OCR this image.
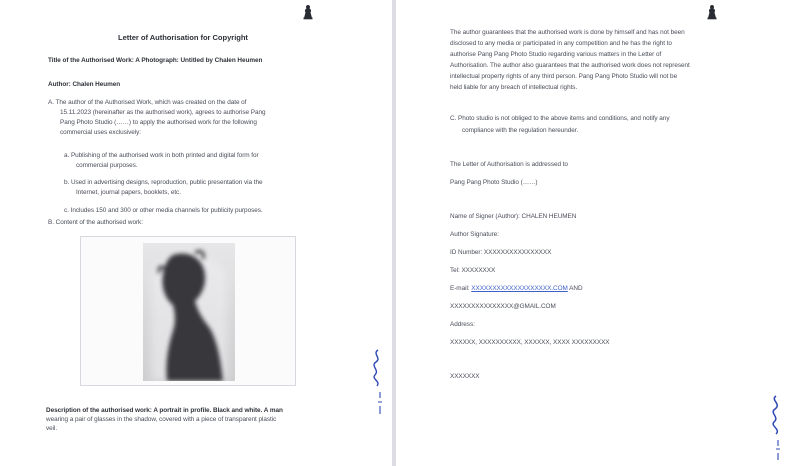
Letter of Authorisation for Copyright
Title of the Authorised Work: A Photograph: Untitled by Chalen Heumen
Author: Chalen Heumen
A. The author of the Authorised Work, which was created on the date of
15.11.2023 (hereinafter as the authorised work), agrees to authorise Pang
Pang Photo Studio (……) to apply the authorised work for the following
commercial uses exclusively:
a. Publishing of the authorised work in both printed and digital form for
commercial purposes.
b. Used in advertising designs, reproduction, public presentation via the
Internet, journal papers, booklets, etc.
c. Includes 150 and 300 or other media channels for publicity purposes.
B. Content of the authorised work:
Description of the authorised work: A portrait in profile. Black and white. A man
wearing a pair of glasses in the shadow, covered with a piece of transparent plastic
veil.
The author guarantees that the authorised work is done by himself and has not been
disclosed to any media or participated in any competition and he has the right to
authorise Pang Pang Photo Studio regarding various matters in the Letter of
Authorisation. The author also guarantees that the authorised work does not represent
intellectual property rights of any third person. Pang Pang Photo Studio will not be
held liable for any breach of intellectual rights.
C. Photo studio is not obliged to the above items and conditions, and notify any
compliance with the regulation hereunder.
The Letter of Authorisation is addressed to
Pang Pang Photo Studio (……)
Name of Signer (Author): CHALEN HEUMEN
Author Signature:
ID Number: XXXXXXXXXXXXXXXX
Tel: XXXXXXXX
E-mail: XXXXXXXXXXXXXXXXXXX.COM AND
XXXXXXXXXXXXXXX@GMAIL.COM
Address:
XXXXXX, XXXXXXXXXX, XXXXXX, XXXX XXXXXXXXX
XXXXXXX
